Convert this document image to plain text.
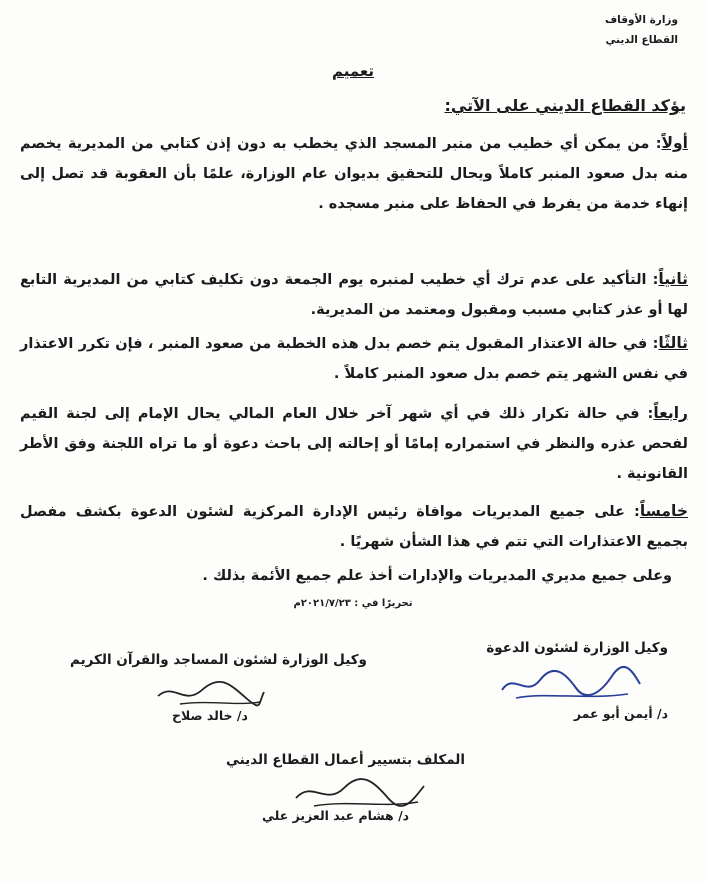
وزارة الأوقاف
القطاع الديني
تعميم
يؤكد القطاع الديني على الآتي:
أولاً: من يمكن أي خطيب من منبر المسجد الذي يخطب به دون إذن كتابي من المديرية يخصم منه بدل صعود المنبر كاملاً ويحال للتحقيق بديوان عام الوزارة، علمًا بأن العقوبة قد تصل إلى إنهاء خدمة من يفرط في الحفاظ على منبر مسجده .
ثانياً: التأكيد على عدم ترك أي خطيب لمنبره يوم الجمعة دون تكليف كتابي من المديرية التابع لها أو عذر كتابي مسبب ومقبول ومعتمد من المديرية.
ثالثًا: في حالة الاعتذار المقبول يتم خصم بدل هذه الخطبة من صعود المنبر ، فإن تكرر الاعتذار في نفس الشهر يتم خصم بدل صعود المنبر كاملاً .
رابعاً: في حالة تكرار ذلك في أي شهر آخر خلال العام المالي يحال الإمام إلى لجنة القيم لفحص عذره والنظر في استمراره إمامًا أو إحالته إلى باحث دعوة أو ما تراه اللجنة وفق الأطر القانونية .
خامساً: على جميع المديريات موافاة رئيس الإدارة المركزية لشئون الدعوة بكشف مفصل بجميع الاعتذارات التي تتم في هذا الشأن شهريًا .
وعلى جميع مديري المديريات والإدارات أخذ علم جميع الأئمة بذلك .
تحريرًا في : ٢٠٢١/٧/٢٣م
وكيل الوزارة لشئون الدعوة
د/ أيمن أبو عمر
وكيل الوزارة لشئون المساجد والقرآن الكريم
د/ خالد صلاح
المكلف بتسيير أعمال القطاع الديني
د/ هشام عبد العزيز علي
